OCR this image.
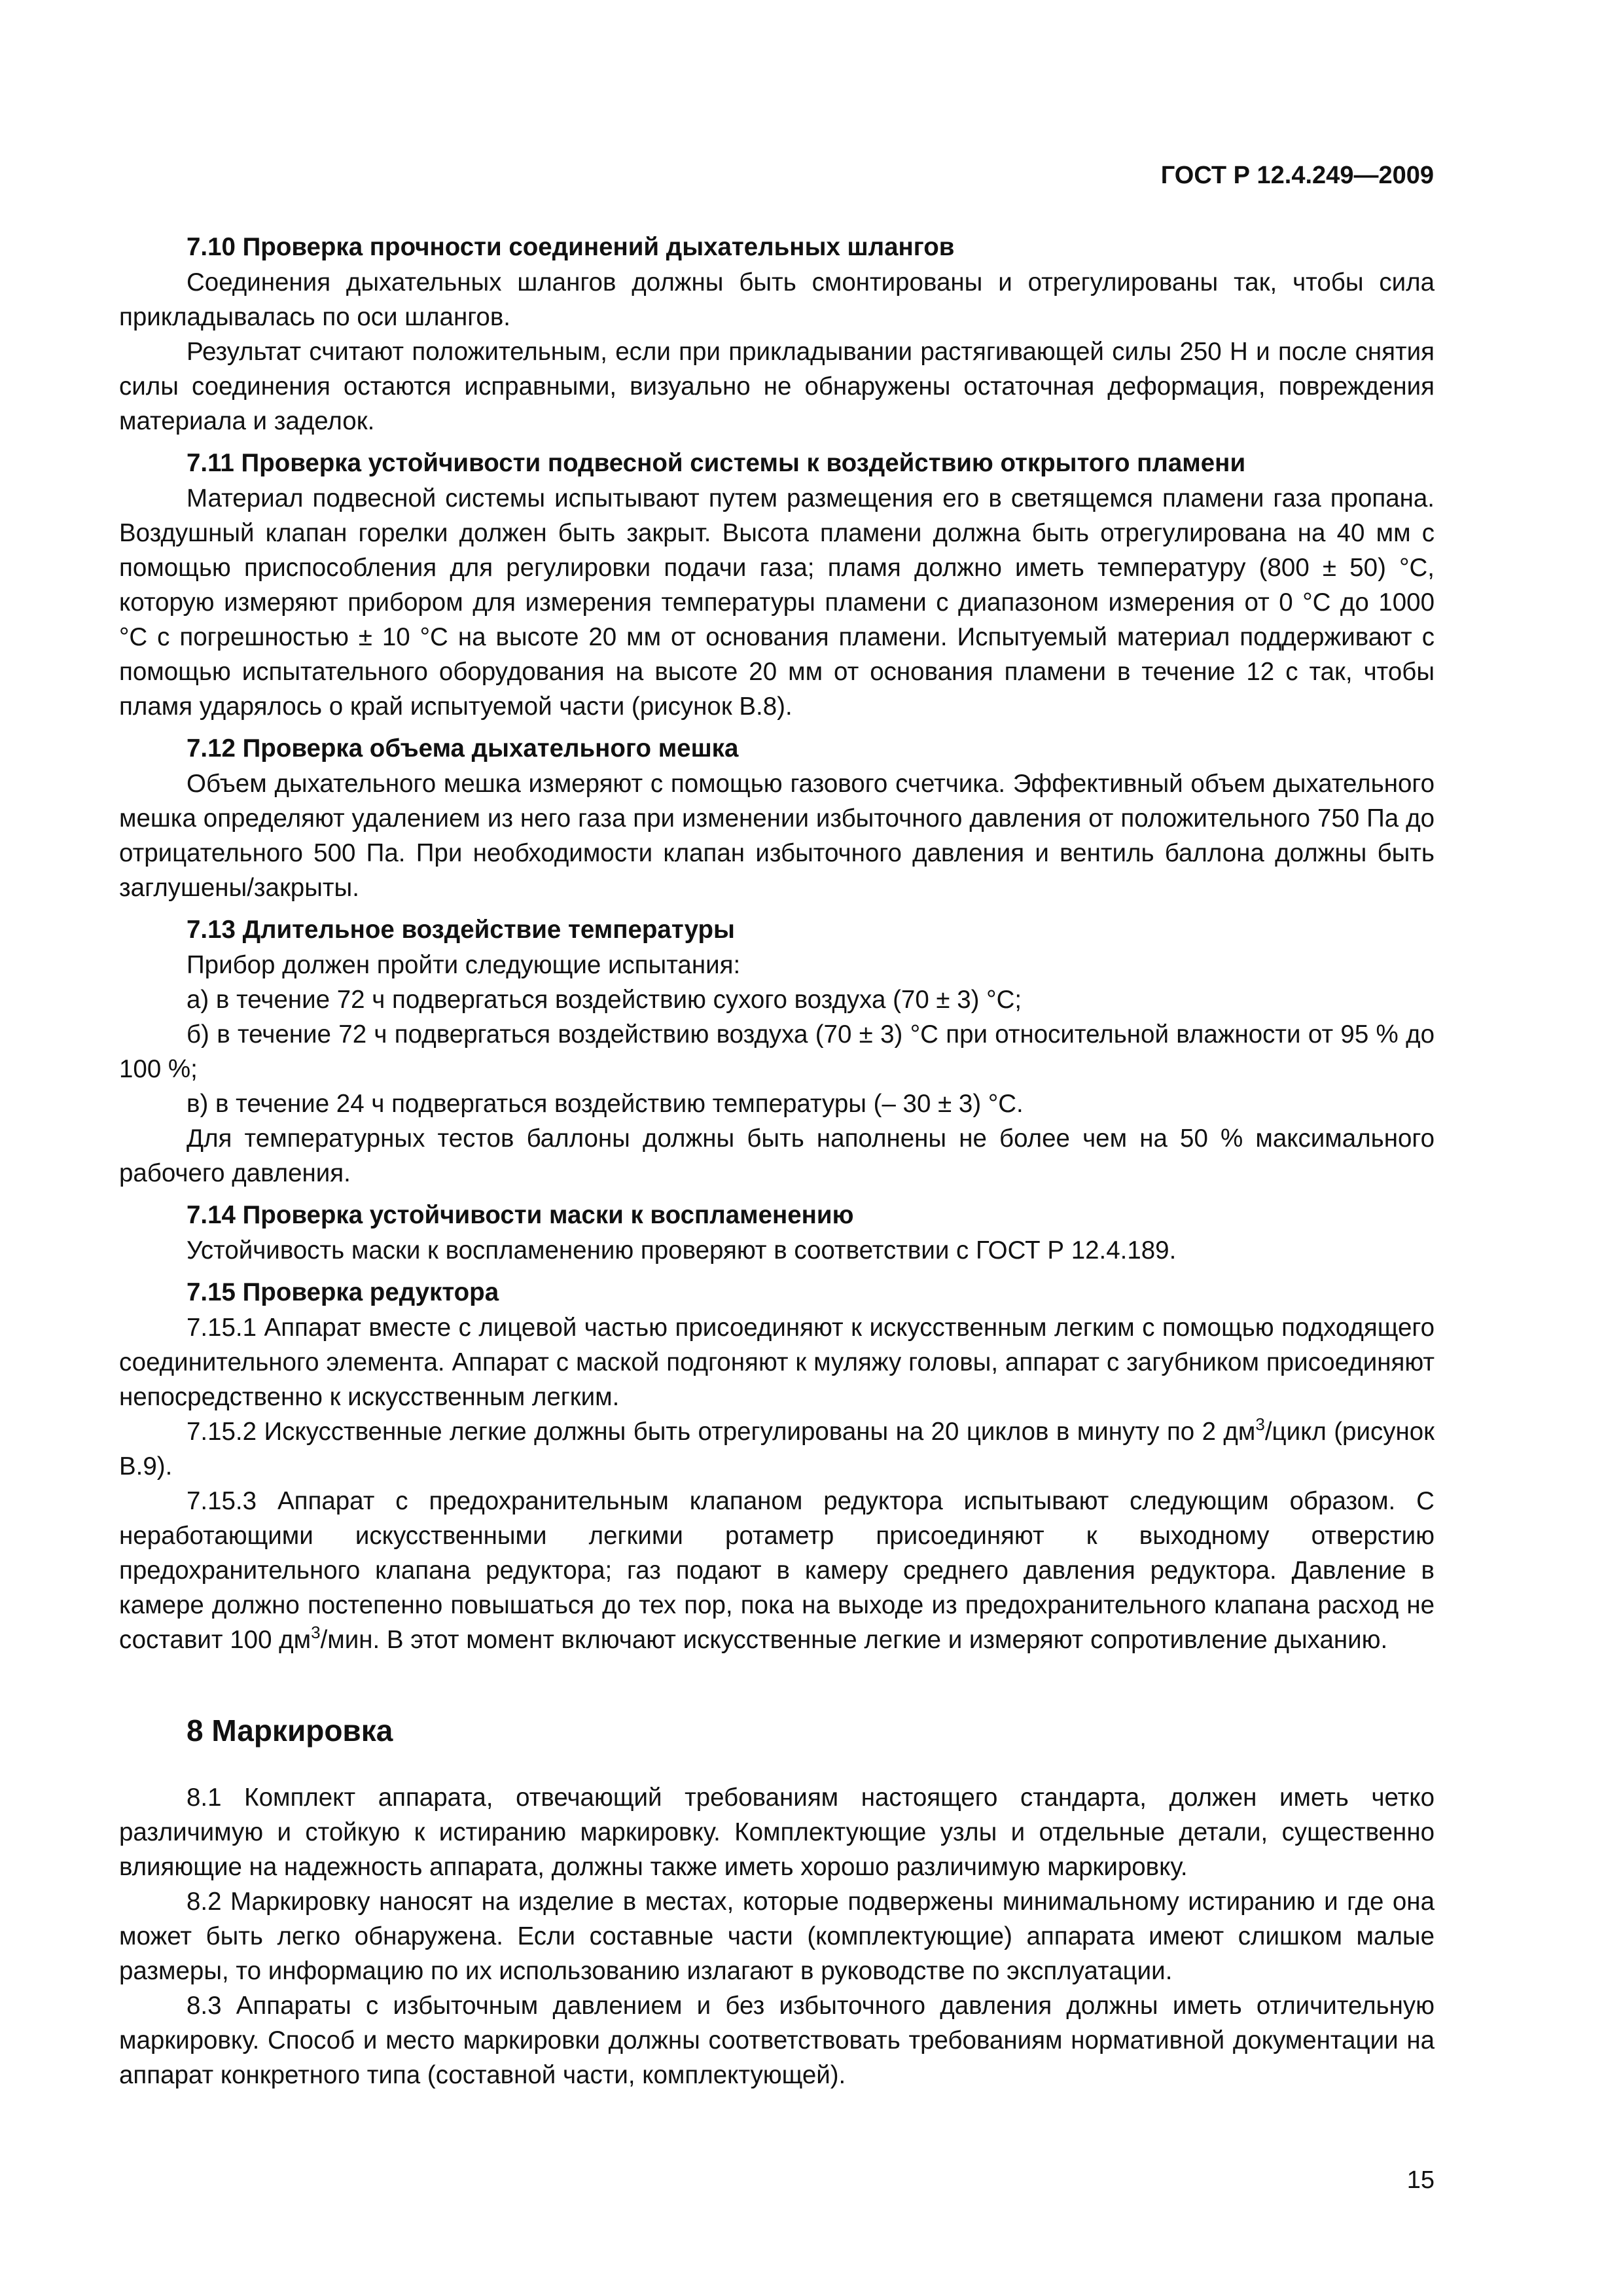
ГОСТ Р 12.4.249—2009
7.10 Проверка прочности соединений дыхательных шлангов

Соединения дыхательных шлангов должны быть смонтированы и отрегулированы так, чтобы сила прикладывалась по оси шлангов.

Результат считают положительным, если при прикладывании растягивающей силы 250 Н и после снятия силы соединения остаются исправными, визуально не обнаружены остаточная деформация, повреждения материала и заделок.

7.11 Проверка устойчивости подвесной системы к воздействию открытого пламени

Материал подвесной системы испытывают путем размещения его в светящемся пламени газа пропана. Воздушный клапан горелки должен быть закрыт. Высота пламени должна быть отрегулирована на 40 мм с помощью приспособления для регулировки подачи газа; пламя должно иметь температуру (800 ± 50) °С, которую измеряют прибором для измерения температуры пламени с диапазоном измерения от 0 °С до 1000 °С с погрешностью ± 10 °С на высоте 20 мм от основания пламени. Испытуемый материал поддерживают с помощью испытательного оборудования на высоте 20 мм от основания пламени в течение 12 с так, чтобы пламя ударялось о край испытуемой части (рисунок В.8).

7.12 Проверка объема дыхательного мешка

Объем дыхательного мешка измеряют с помощью газового счетчика. Эффективный объем дыхательного мешка определяют удалением из него газа при изменении избыточного давления от положительного 750 Па до отрицательного 500 Па. При необходимости клапан избыточного давления и вентиль баллона должны быть заглушены/закрыты.

7.13 Длительное воздействие температуры

Прибор должен пройти следующие испытания:

а) в течение 72 ч подвергаться воздействию сухого воздуха (70 ± 3) °С;

б) в течение 72 ч подвергаться воздействию воздуха (70 ± 3) °С при относительной влажности от 95 % до 100 %;

в) в течение 24 ч подвергаться воздействию температуры (– 30 ± 3) °С.

Для температурных тестов баллоны должны быть наполнены не более чем на 50 % максимального рабочего давления.

7.14 Проверка устойчивости маски к воспламенению

Устойчивость маски к воспламенению проверяют в соответствии с ГОСТ Р 12.4.189.

7.15 Проверка редуктора

7.15.1 Аппарат вместе с лицевой частью присоединяют к искусственным легким с помощью подходящего соединительного элемента. Аппарат с маской подгоняют к муляжу головы, аппарат с загубником присоединяют непосредственно к искусственным легким.

7.15.2 Искусственные легкие должны быть отрегулированы на 20 циклов в минуту по 2 $дм^3$/цикл (рисунок В.9).

7.15.3 Аппарат с предохранительным клапаном редуктора испытывают следующим образом. С неработающими искусственными легкими ротаметр присоединяют к выходному отверстию предохранительного клапана редуктора; газ подают в камеру среднего давления редуктора. Давление в камере должно постепенно повышаться до тех пор, пока на выходе из предохранительного клапана расход не составит 100 $дм^3$/мин. В этот момент включают искусственные легкие и измеряют сопротивление дыханию.

8 Маркировка

8.1 Комплект аппарата, отвечающий требованиям настоящего стандарта, должен иметь четко различимую и стойкую к истиранию маркировку. Комплектующие узлы и отдельные детали, существенно влияющие на надежность аппарата, должны также иметь хорошо различимую маркировку.

8.2 Маркировку наносят на изделие в местах, которые подвержены минимальному истиранию и где она может быть легко обнаружена. Если составные части (комплектующие) аппарата имеют слишком малые размеры, то информацию по их использованию излагают в руководстве по эксплуатации.

8.3 Аппараты с избыточным давлением и без избыточного давления должны иметь отличительную маркировку. Способ и место маркировки должны соответствовать требованиям нормативной документации на аппарат конкретного типа (составной части, комплектующей).

15
